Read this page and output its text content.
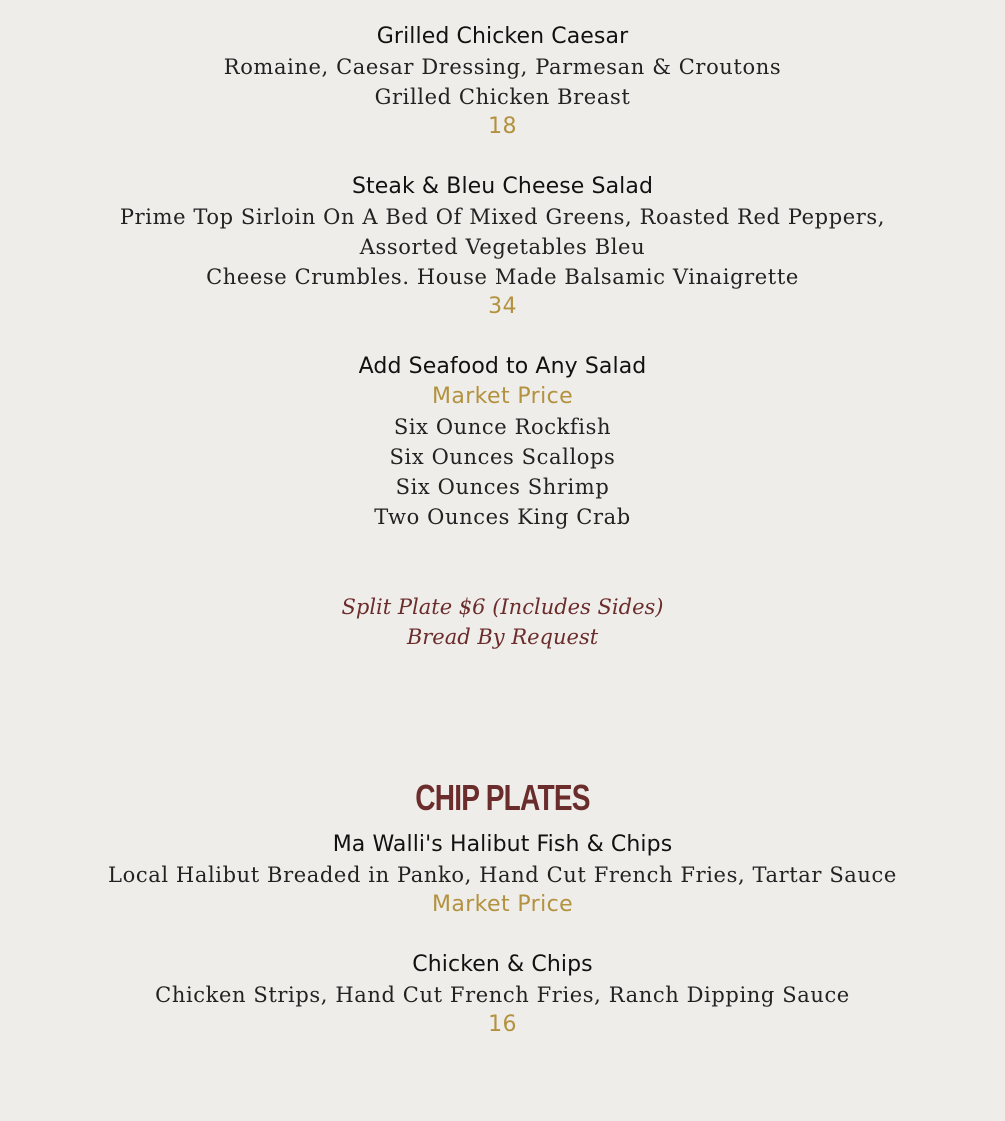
Grilled Chicken Caesar
Romaine, Caesar Dressing, Parmesan & Croutons
Grilled Chicken Breast
18
Steak & Bleu Cheese Salad
Prime Top Sirloin On A Bed Of Mixed Greens, Roasted Red Peppers,
Assorted Vegetables Bleu
Cheese Crumbles. House Made Balsamic Vinaigrette
34
Add Seafood to Any Salad
Market Price
Six Ounce Rockfish
Six Ounces Scallops
Six Ounces Shrimp
Two Ounces King Crab
Split Plate $6 (Includes Sides)
Bread By Request
CHIP PLATES
Ma Walli's Halibut Fish & Chips
Local Halibut Breaded in Panko, Hand Cut French Fries, Tartar Sauce
Market Price
Chicken & Chips
Chicken Strips, Hand Cut French Fries, Ranch Dipping Sauce
16
